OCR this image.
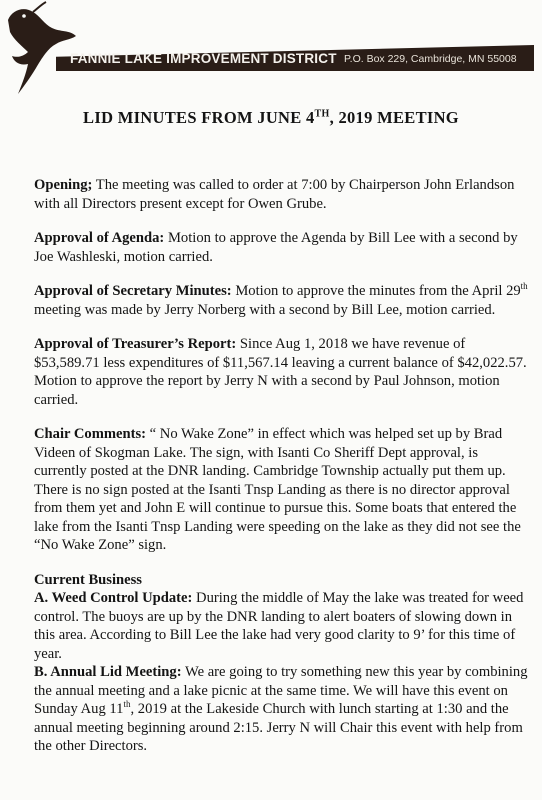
FANNIE LAKE IMPROVEMENT DISTRICT P.O. Box 229, Cambridge, MN 55008
LID MINUTES FROM JUNE 4TH, 2019 MEETING

Opening; The meeting was called to order at 7:00 by Chairperson John Erlandson with all Directors present except for Owen Grube.

Approval of Agenda: Motion to approve the Agenda by Bill Lee with a second by Joe Washleski, motion carried.

Approval of Secretary Minutes: Motion to approve the minutes from the April 29th meeting was made by Jerry Norberg with a second by Bill Lee, motion carried.

Approval of Treasurer’s Report: Since Aug 1, 2018 we have revenue of $53,589.71 less expenditures of $11,567.14 leaving a current balance of $42,022.57. Motion to approve the report by Jerry N with a second by Paul Johnson, motion carried.

Chair Comments: “ No Wake Zone” in effect which was helped set up by Brad Videen of Skogman Lake. The sign, with Isanti Co Sheriff Dept approval, is currently posted at the DNR landing. Cambridge Township actually put them up. There is no sign posted at the Isanti Tnsp Landing as there is no director approval from them yet and John E will continue to pursue this. Some boats that entered the lake from the Isanti Tnsp Landing were speeding on the lake as they did not see the “No Wake Zone” sign.

Current Business

A. Weed Control Update: During the middle of May the lake was treated for weed control. The buoys are up by the DNR landing to alert boaters of slowing down in this area. According to Bill Lee the lake had very good clarity to 9’ for this time of year.

B. Annual Lid Meeting: We are going to try something new this year by combining the annual meeting and a lake picnic at the same time. We will have this event on Sunday Aug 11th, 2019 at the Lakeside Church with lunch starting at 1:30 and the annual meeting beginning around 2:15. Jerry N will Chair this event with help from the other Directors.
